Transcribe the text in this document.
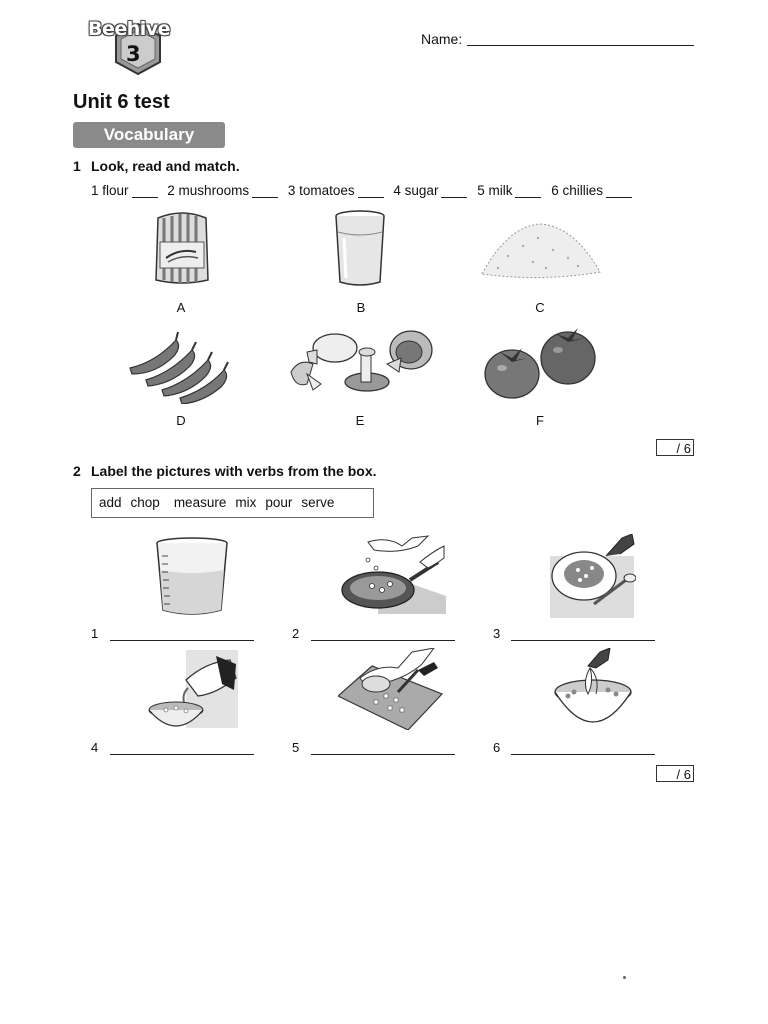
Beehive
3
Name:
Unit 6 test
Vocabulary
1 Look, read and match.
1 flour	2 mushrooms	3 tomatoes	4 sugar	5 milk	6 chillies
A	B	C
D	E	F
/ 6
2 Label the pictures with verbs from the box.
add chop measure mix pour serve
1	2	3
4	5	6
/ 6
